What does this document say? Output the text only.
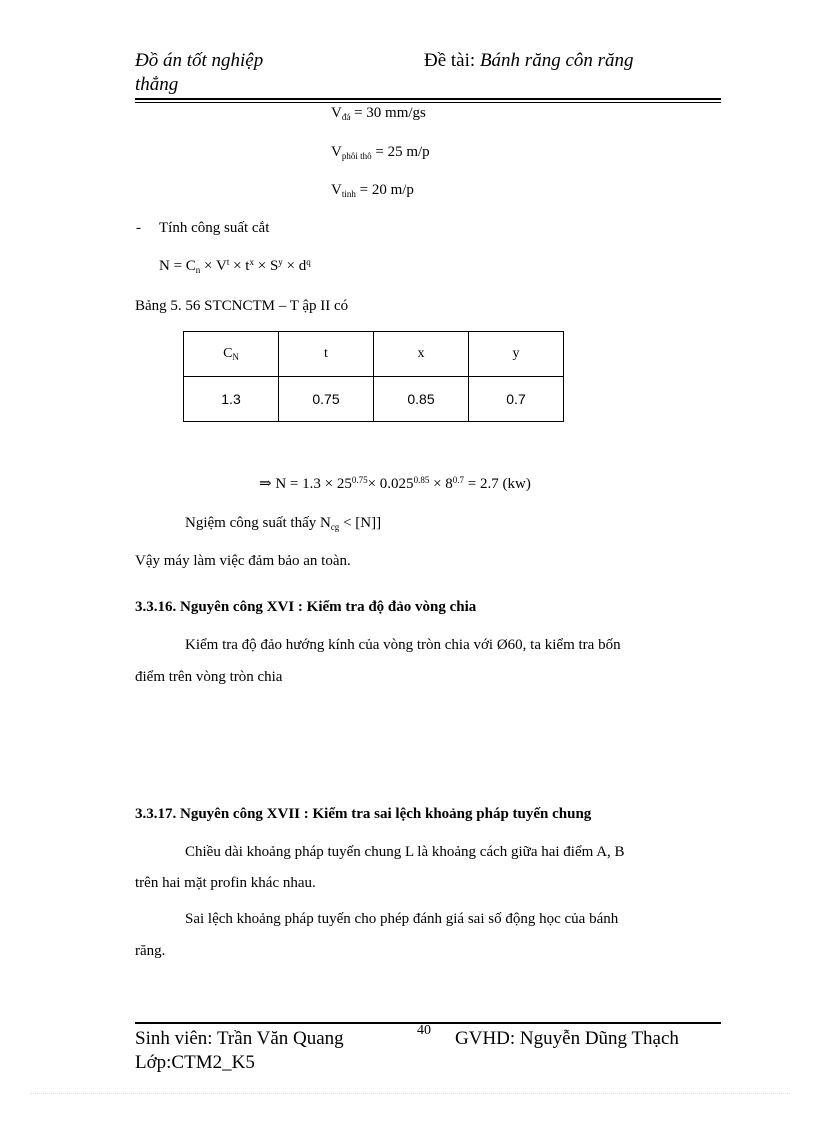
Đồ án tốt nghiệp	Đề tài: Bánh răng côn răng
thẳng
$V_{đá} = 30$ mm/gs
$V_{phôi thô} = 25$ m/p
$V_{tinh} = 20$ m/p
- Tính công suất cắt
$N = C_n \times V^t \times t^x \times S^y \times d^q$
Bảng 5. 56 STCNCTM – T ập II có
$C_N$	t	x	y
1.3	0.75	0.85	0.7
⇒ $N = 1.3 \times 25^{0.75}\times 0.025^{0.85} \times 8^{0.7} = 2.7$ (kw)
Ngiệm công suất thấy $N_{cg} < [N]$]
Vậy máy làm việc đảm bảo an toàn.
3.3.16. Nguyên công XVI : Kiểm tra độ đảo vòng chia
Kiểm tra độ đảo hướng kính của vòng tròn chia với Ø60, ta kiểm tra bốn
điểm trên vòng tròn chia
3.3.17. Nguyên công XVII : Kiểm tra sai lệch khoảng pháp tuyến chung
Chiều dài khoảng pháp tuyến chung L là khoảng cách giữa hai điểm A, B
trên hai mặt profin khác nhau.
Sai lệch khoảng pháp tuyến cho phép đánh giá sai số động học của bánh
răng.
Sinh viên: Trần Văn Quang	40 GVHD: Nguyễn Dũng Thạch
Lớp:CTM2_K5
